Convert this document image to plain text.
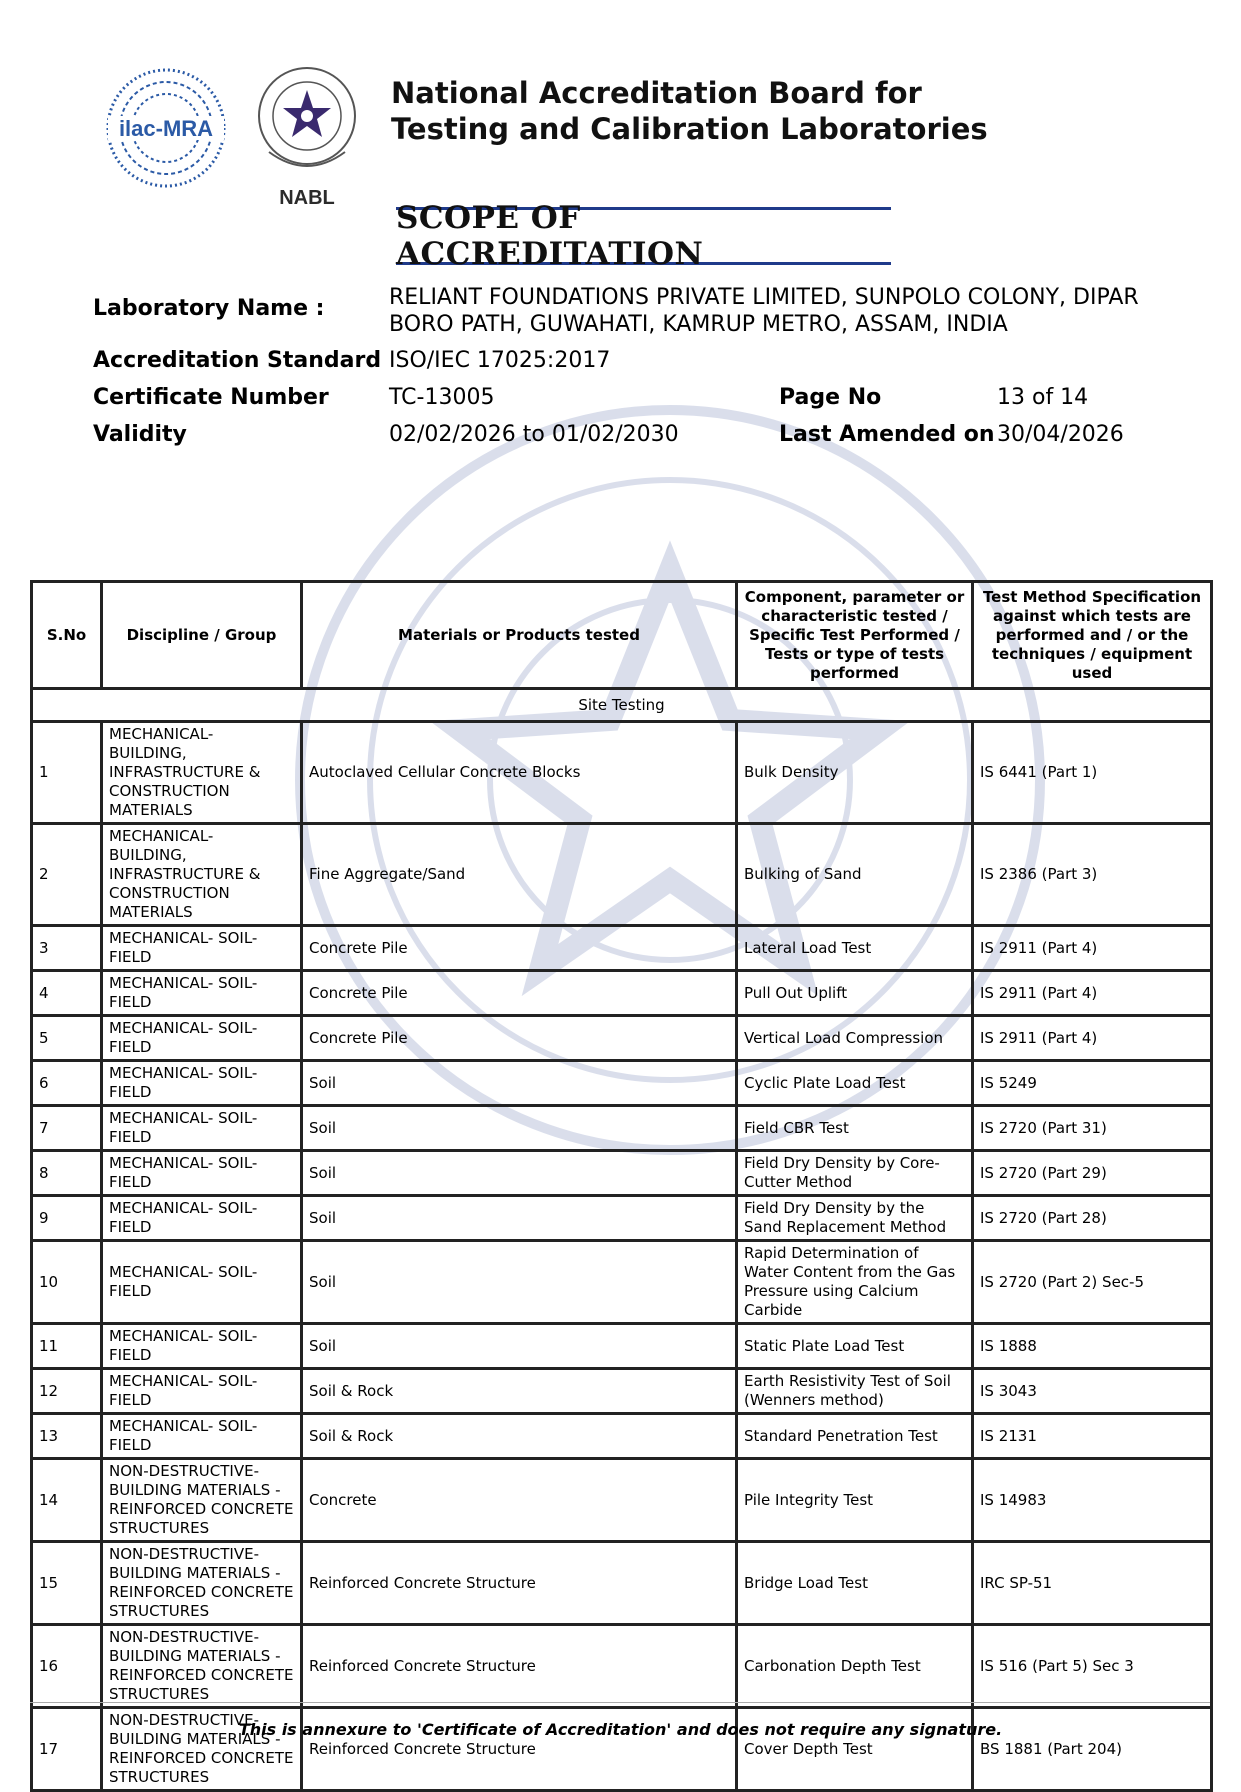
ilac-MRA
NABL
National Accreditation Board for
Testing and Calibration Laboratories
SCOPE OF ACCREDITATION
Laboratory Name :	RELIANT FOUNDATIONS PRIVATE LIMITED, SUNPOLO COLONY, DIPAR
BORO PATH, GUWAHATI, KAMRUP METRO, ASSAM, INDIA
Accreditation Standard ISO/IEC 17025:2017
Certificate Number	TC-13005	Page No	13 of 14
Validity	02/02/2026 to 01/02/2030	Last Amended on 30/04/2026
S.No	Discipline / Group	Materials or Products tested	Component, parameter or characteristic tested / Specific Test Performed / Tests or type of tests performed	Test Method Specification against which tests are performed and / or the techniques / equipment used
Site Testing				
1	MECHANICAL- BUILDING, INFRASTRUCTURE & CONSTRUCTION MATERIALS	Autoclaved Cellular Concrete Blocks	Bulk Density	IS 6441 (Part 1)
2	MECHANICAL- BUILDING, INFRASTRUCTURE & CONSTRUCTION MATERIALS	Fine Aggregate/Sand	Bulking of Sand	IS 2386 (Part 3)
3	MECHANICAL- SOIL- FIELD	Concrete Pile	Lateral Load Test	IS 2911 (Part 4)
4	MECHANICAL- SOIL- FIELD	Concrete Pile	Pull Out Uplift	IS 2911 (Part 4)
5	MECHANICAL- SOIL- FIELD	Concrete Pile	Vertical Load Compression	IS 2911 (Part 4)
6	MECHANICAL- SOIL- FIELD	Soil	Cyclic Plate Load Test	IS 5249
7	MECHANICAL- SOIL- FIELD	Soil	Field CBR Test	IS 2720 (Part 31)
8	MECHANICAL- SOIL- FIELD	Soil	Field Dry Density by Core-Cutter Method	IS 2720 (Part 29)
9	MECHANICAL- SOIL- FIELD	Soil	Field Dry Density by the Sand Replacement Method	IS 2720 (Part 28)
10	MECHANICAL- SOIL- FIELD	Soil	Rapid Determination of Water Content from the Gas Pressure using Calcium Carbide	IS 2720 (Part 2) Sec-5
11	MECHANICAL- SOIL- FIELD	Soil	Static Plate Load Test	IS 1888
12	MECHANICAL- SOIL- FIELD	Soil & Rock	Earth Resistivity Test of Soil (Wenners method)	IS 3043
13	MECHANICAL- SOIL- FIELD	Soil & Rock	Standard Penetration Test	IS 2131
14	NON-DESTRUCTIVE- BUILDING MATERIALS - REINFORCED CONCRETE STRUCTURES	Concrete	Pile Integrity Test	IS 14983
15	NON-DESTRUCTIVE- BUILDING MATERIALS - REINFORCED CONCRETE STRUCTURES	Reinforced Concrete Structure	Bridge Load Test	IRC SP-51
16	NON-DESTRUCTIVE- BUILDING MATERIALS - REINFORCED CONCRETE STRUCTURES	Reinforced Concrete Structure	Carbonation Depth Test	IS 516 (Part 5) Sec 3
17	NON-DESTRUCTIVE- BUILDING MATERIALS - REINFORCED CONCRETE STRUCTURES	Reinforced Concrete Structure	Cover Depth Test	BS 1881 (Part 204)
This is annexure to 'Certificate of Accreditation' and does not require any signature.
